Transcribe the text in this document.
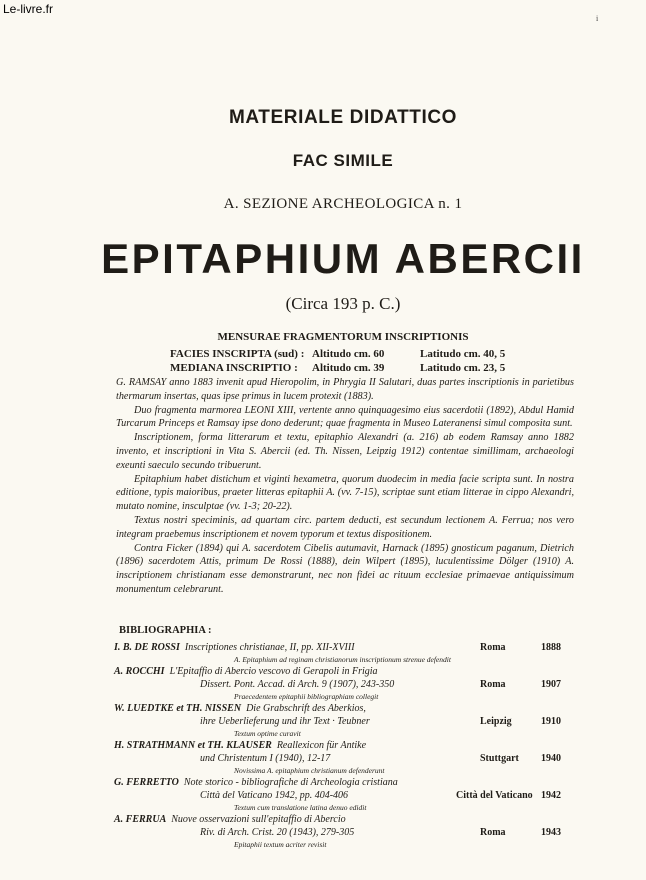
Le-livre.fr
i
MATERIALE DIDATTICO
FAC SIMILE
A. SEZIONE ARCHEOLOGICA n. 1
EPITAPHIUM ABERCII
(Circa 193 p. C.)
MENSURAE FRAGMENTORUM INSCRIPTIONIS
FACIES INSCRIPTA (sud) : Altitudo cm. 60	Latitudo cm. 40, 5
MEDIANA INSCRIPTIO : Altitudo cm. 39	Latitudo cm. 23, 5

G. RAMSAY anno 1883 invenit apud Hieropolim, in Phrygia II Salutari, duas partes inscriptionis in parietibus thermarum insertas, quas ipse primus in lucem protexit (1883).

Duo fragmenta marmorea LEONI XIII, vertente anno quinquagesimo eius sacerdotii (1892), Abdul Hamid Turcarum Princeps et Ramsay ipse dono dederunt; quae fragmenta in Museo Lateranensi simul composita sunt.

Inscriptionem, forma litterarum et textu, epitaphio Alexandri (a. 216) ab eodem Ramsay anno 1882 invento, et inscriptioni in Vita S. Abercii (ed. Th. Nissen, Leipzig 1912) contentae simillimam, archaeologi exeunti saeculo secundo tribuerunt.

Epitaphium habet distichum et viginti hexametra, quorum duodecim in media facie scripta sunt. In nostra editione, typis maioribus, praeter litteras epitaphii A. (vv. 7-15), scriptae sunt etiam litterae in cippo Alexandri, mutato nomine, insculptae (vv. 1-3; 20-22).

Textus nostri speciminis, ad quartam circ. partem deducti, est secundum lectionem A. Ferrua; nos vero integram praebemus inscriptionem et novem typorum et textus dispositionem.

Contra Ficker (1894) qui A. sacerdotem Cibelis autumavit, Harnack (1895) gnosticum paganum, Dietrich (1896) sacerdotem Attis, primum De Rossi (1888), dein Wilpert (1895), luculentissime Dölger (1910) A. inscriptionem christianam esse demonstrarunt, nec non fidei ac rituum ecclesiae primaevae antiquissimum monumentum celebrarunt.

BIBLIOGRAPHIA :
I. B. DE ROSSI Inscriptiones christianae, II, pp. XII-XVIII	Roma	1888
A. Epitaphium ad reginam christianorum inscriptionum strenue defendit
A. ROCCHI L'Epitaffio di Abercio vescovo di Gerapoli in Frigia
Dissert. Pont. Accad. di Arch. 9 (1907), 243-350	Roma	1907
Praecedentem epitaphii bibliographiam collegit
W. LUEDTKE et TH. NISSEN Die Grabschrift des Aberkios,
ihre Ueberlieferung und ihr Text · Teubner	Leipzig	1910
Textum optime curavit
H. STRATHMANN et TH. KLAUSER Reallexicon für Antike
und Christentum I (1940), 12-17	Stuttgart 1940
Novissima A. epitaphium christianum defenderunt
G. FERRETTO Note storico - bibliografiche di Archeologia cristiana
Città del Vaticano 1942, pp. 404-406	Città del Vaticano 1942
Textum cum translatione latina denuo edidit
A. FERRUA Nuove osservazioni sull'epitaffio di Abercio
Riv. di Arch. Crist. 20 (1943), 279-305	Roma	1943
Epitaphii textum acriter revisit
